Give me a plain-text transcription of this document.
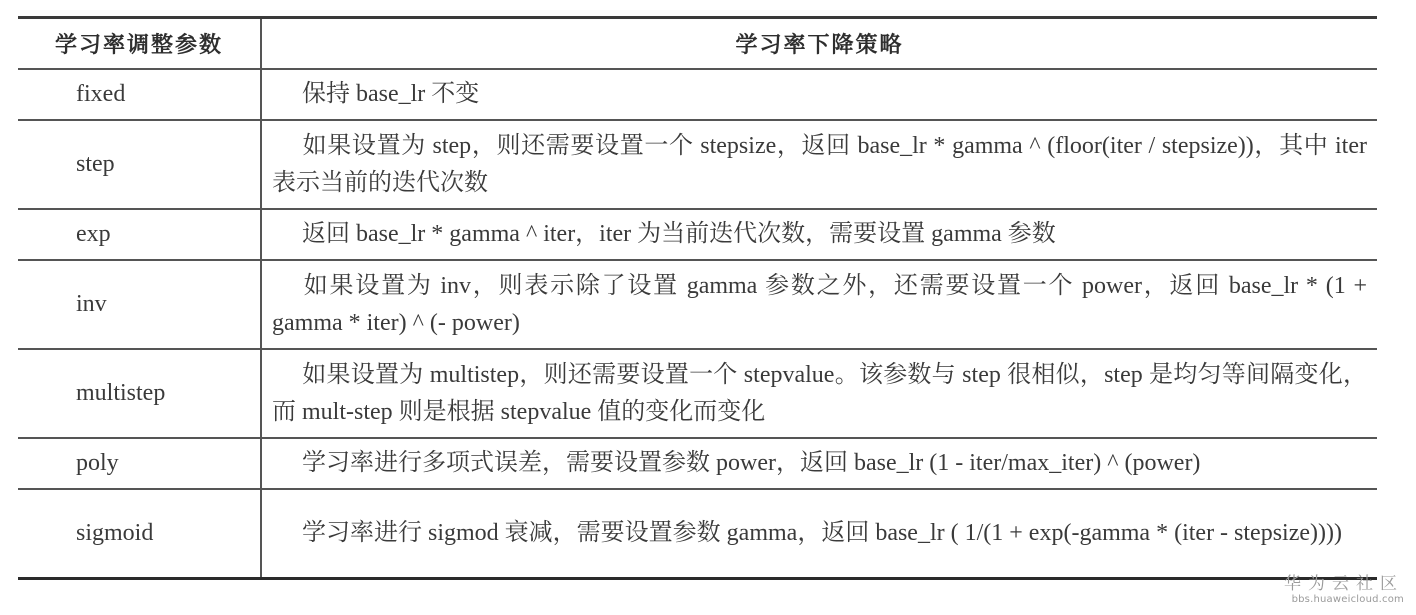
学习率调整参数	学习率下降策略
fixed	保持 base_lr 不变
step	如果设置为 step，则还需要设置一个 stepsize，返回 base_lr * gamma ^ (floor(iter / stepsize))，其中 iter 表示当前的迭代次数
exp	返回 base_lr * gamma ^ iter，iter 为当前迭代次数，需要设置 gamma 参数
inv	如果设置为 inv，则表示除了设置 gamma 参数之外，还需要设置一个 power，返回 base_lr * (1 + gamma * iter) ^ (- power)
multistep	如果设置为 multistep，则还需要设置一个 stepvalue。该参数与 step 很相似，step 是均匀等间隔变化，而 mult-step 则是根据 stepvalue 值的变化而变化
poly	学习率进行多项式误差，需要设置参数 power，返回 base_lr (1 - iter/max_iter) ^ (power)
sigmoid	学习率进行 sigmod 衰减，需要设置参数 gamma，返回 base_lr ( 1/(1 + exp(-gamma * (iter - stepsize))))
华为云社区
bbs.huaweicloud.com
